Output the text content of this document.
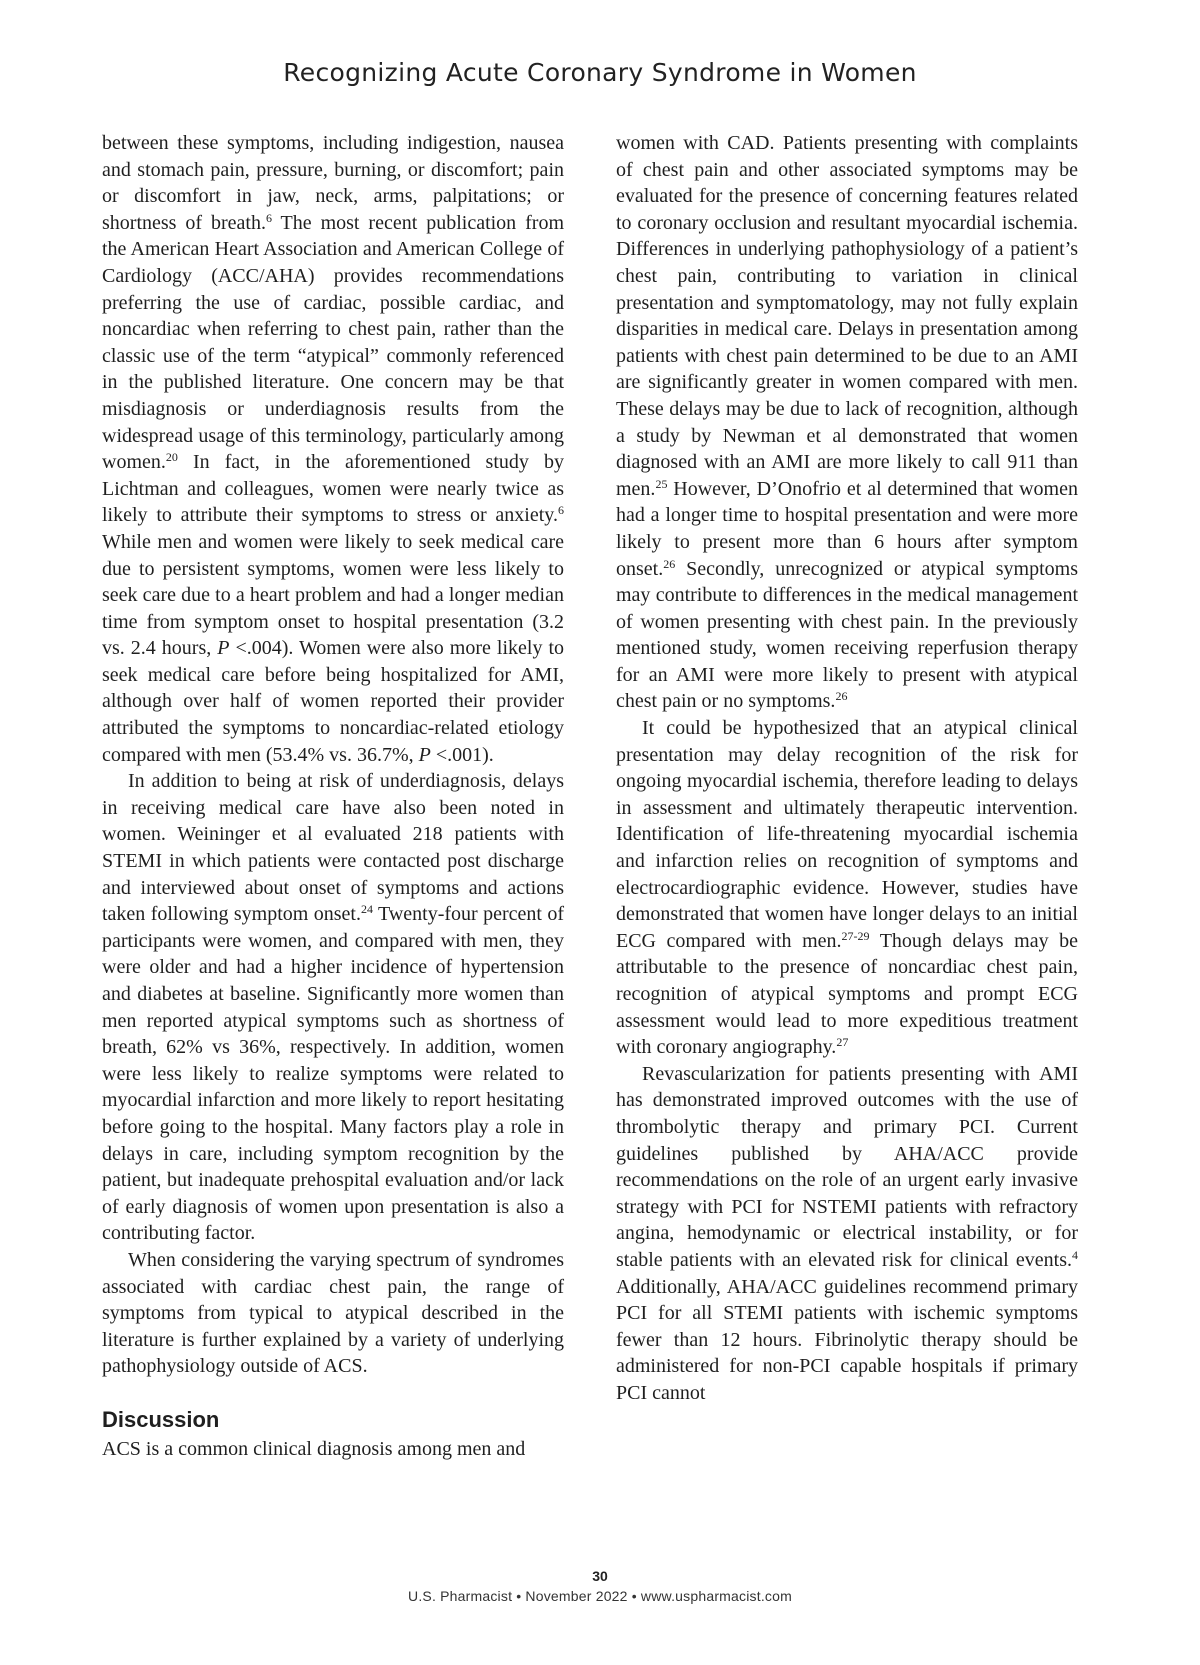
Recognizing Acute Coronary Syndrome in Women

between these symptoms, including indigestion, nausea and stomach pain, pressure, burning, or discomfort; pain or discomfort in jaw, neck, arms, palpitations; or shortness of breath.$^6$ The most recent publication from the American Heart Association and American College of Cardiology (ACC/AHA) provides recommendations preferring the use of cardiac, possible cardiac, and noncardiac when referring to chest pain, rather than the classic use of the term “atypical” commonly referenced in the published literature. One concern may be that misdiagnosis or underdiagnosis results from the widespread usage of this terminology, particularly among women.$^{20}$ In fact, in the aforementioned study by Lichtman and colleagues, women were nearly twice as likely to attribute their symptoms to stress or anxiety.$^6$ While men and women were likely to seek medical care due to persistent symptoms, women were less likely to seek care due to a heart problem and had a longer median time from symptom onset to hospital presentation (3.2 vs. 2.4 hours, P <.004). Women were also more likely to seek medical care before being hospitalized for AMI, although over half of women reported their provider attributed the symptoms to noncardiac-related etiology compared with men (53.4% vs. 36.7%, P <.001).

In addition to being at risk of underdiagnosis, delays in receiving medical care have also been noted in women. Weininger et al evaluated 218 patients with STEMI in which patients were contacted post discharge and interviewed about onset of symptoms and actions taken following symptom onset.$^{24}$ Twenty-four percent of participants were women, and compared with men, they were older and had a higher incidence of hypertension and diabetes at baseline. Significantly more women than men reported atypical symptoms such as shortness of breath, 62% vs 36%, respectively. In addition, women were less likely to realize symptoms were related to myocardial infarction and more likely to report hesitating before going to the hospital. Many factors play a role in delays in care, including symptom recognition by the patient, but inadequate prehospital evaluation and/or lack of early diagnosis of women upon presentation is also a contributing factor.

When considering the varying spectrum of syndromes associated with cardiac chest pain, the range of symptoms from typical to atypical described in the literature is further explained by a variety of underlying pathophysiology outside of ACS.

Discussion

ACS is a common clinical diagnosis among men and

women with CAD. Patients presenting with complaints of chest pain and other associated symptoms may be evaluated for the presence of concerning features related to coronary occlusion and resultant myocardial ischemia. Differences in underlying pathophysiology of a patient’s chest pain, contributing to variation in clinical presentation and symptomatology, may not fully explain disparities in medical care. Delays in presentation among patients with chest pain determined to be due to an AMI are significantly greater in women compared with men. These delays may be due to lack of recognition, although a study by Newman et al demonstrated that women diagnosed with an AMI are more likely to call 911 than men.$^{25}$ However, D’Onofrio et al determined that women had a longer time to hospital presentation and were more likely to present more than 6 hours after symptom onset.$^{26}$ Secondly, unrecognized or atypical symptoms may contribute to differences in the medical management of women presenting with chest pain. In the previously mentioned study, women receiving reperfusion therapy for an AMI were more likely to present with atypical chest pain or no symptoms.$^{26}$

It could be hypothesized that an atypical clinical presentation may delay recognition of the risk for ongoing myocardial ischemia, therefore leading to delays in assessment and ultimately therapeutic intervention. Identification of life-threatening myocardial ischemia and infarction relies on recognition of symptoms and electrocardiographic evidence. However, studies have demonstrated that women have longer delays to an initial ECG compared with men.$^{27-29}$ Though delays may be attributable to the presence of noncardiac chest pain, recognition of atypical symptoms and prompt ECG assessment would lead to more expeditious treatment with coronary angiography.$^{27}$

Revascularization for patients presenting with AMI has demonstrated improved outcomes with the use of thrombolytic therapy and primary PCI. Current guidelines published by AHA/ACC provide recommendations on the role of an urgent early invasive strategy with PCI for NSTEMI patients with refractory angina, hemodynamic or electrical instability, or for stable patients with an elevated risk for clinical events.$^4$ Additionally, AHA/ACC guidelines recommend primary PCI for all STEMI patients with ischemic symptoms fewer than 12 hours. Fibrinolytic therapy should be administered for non-PCI capable hospitals if primary PCI cannot

30
U.S. Pharmacist • November 2022 • www.uspharmacist.com
